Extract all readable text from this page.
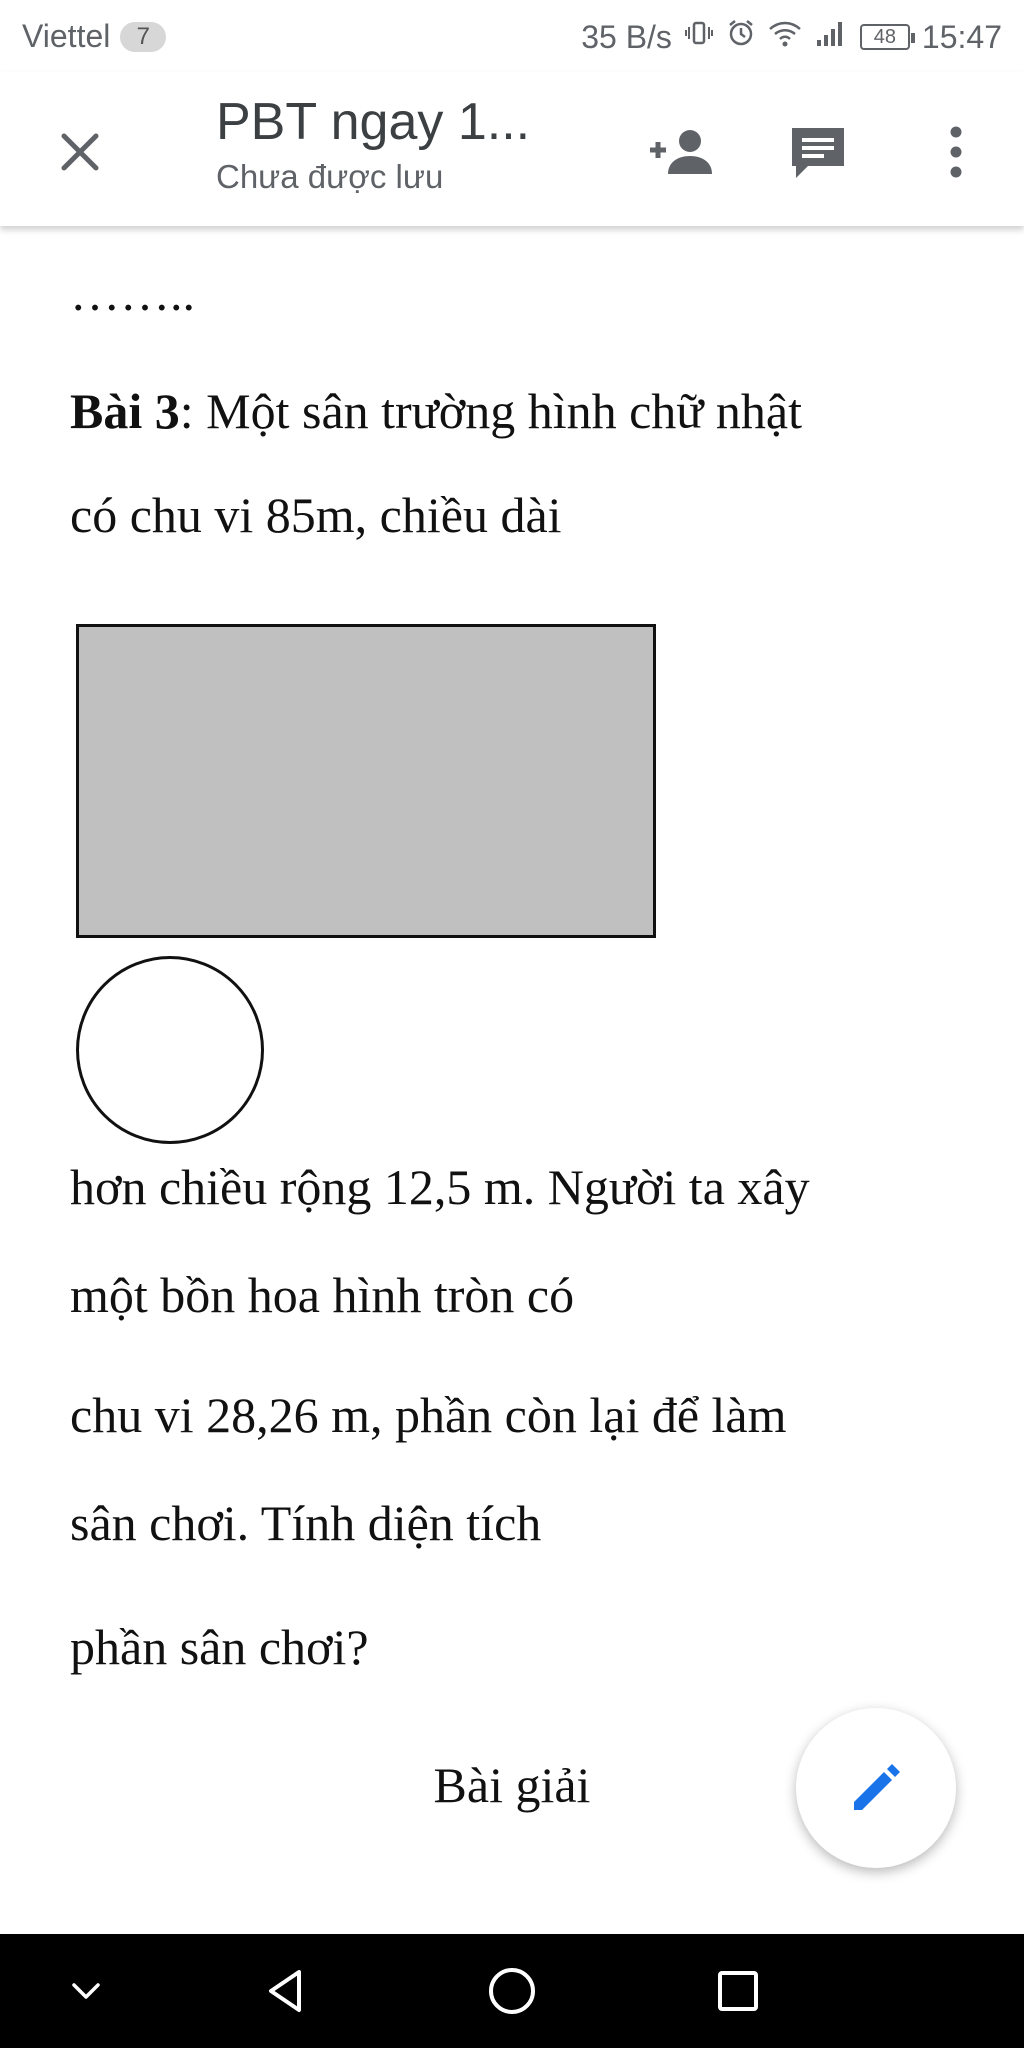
Viettel	7	35 B/s	48 15:47
PBT ngay 1...
Chưa được lưu
……..
Bài 3: Một sân trường hình chữ nhật
có chu vi 85m, chiều dài
hơn chiều rộng 12,5 m. Người ta xây
một bồn hoa hình tròn có
chu vi 28,26 m, phần còn lại để làm
sân chơi. Tính diện tích
phần sân chơi?
Bài giải
